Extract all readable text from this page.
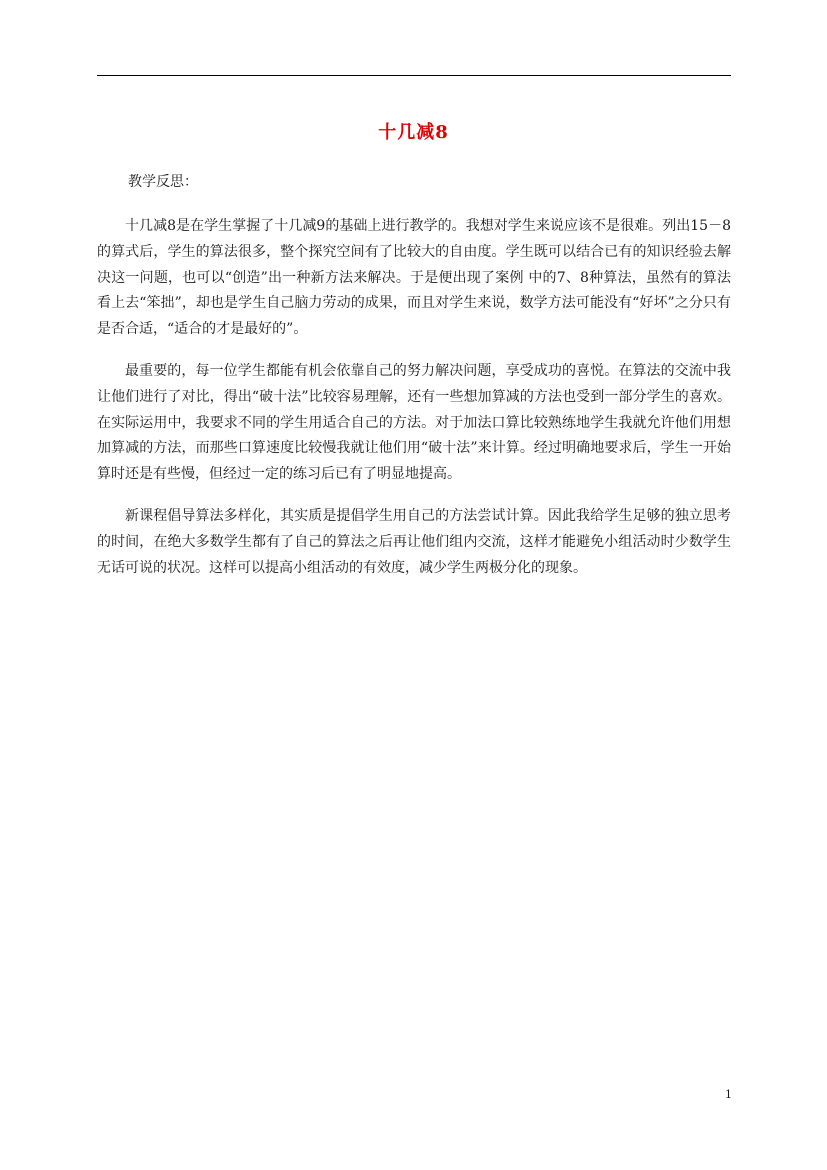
十几减8
教学反思：

十几减8是在学生掌握了十几减9的基础上进行教学的。我想对学生来说应该不是很难。列出15－8的算式后，学生的算法很多，整个探究空间有了比较大的自由度。学生既可以结合已有的知识经验去解决这一问题，也可以“创造”出一种新方法来解决。于是便出现了案例 中的7、8种算法，虽然有的算法看上去“笨拙”，却也是学生自己脑力劳动的成果，而且对学生来说，数学方法可能没有“好坏”之分只有是否合适，“适合的才是最好的”。

最重要的，每一位学生都能有机会依靠自己的努力解决问题，享受成功的喜悦。在算法的交流中我让他们进行了对比，得出“破十法”比较容易理解，还有一些想加算减的方法也受到一部分学生的喜欢。在实际运用中，我要求不同的学生用适合自己的方法。对于加法口算比较熟练地学生我就允许他们用想加算减的方法，而那些口算速度比较慢我就让他们用“破十法”来计算。经过明确地要求后，学生一开始算时还是有些慢，但经过一定的练习后已有了明显地提高。

新课程倡导算法多样化，其实质是提倡学生用自己的方法尝试计算。因此我给学生足够的独立思考的时间，在绝大多数学生都有了自己的算法之后再让他们组内交流，这样才能避免小组活动时少数学生无话可说的状况。这样可以提高小组活动的有效度，减少学生两极分化的现象。

1
